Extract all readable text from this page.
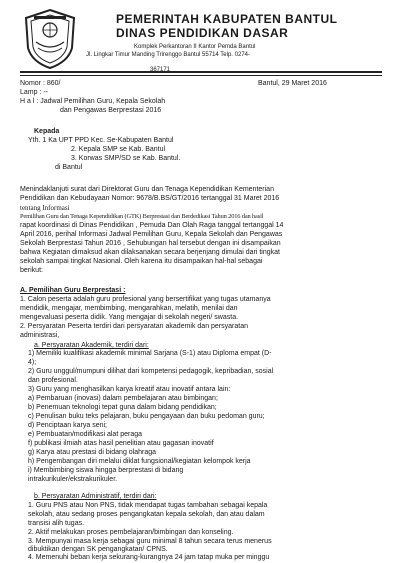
PEMERINTAH KABUPATEN BANTUL
DINAS PENDIDIKAN DASAR
Komplek Perkantoran II Kantor Pemda Bantul
Jl. Lingkar Timur Manding Trirenggo Bantul 55714 Telp. 0274-
367171
Nomor : 860/	Bantul, 29 Maret 2016
Lamp : --
H a l : Jadwal Pemilihan Guru, Kepala Sekolah
dan Pengawas Berprestasi 2016
Kepada
Yth. 1 Ka UPT PPD Kec. Se-Kabupaten Bantul
2. Kepala SMP se Kab. Bantul
3. Korwas SMP/SD se Kab. Bantul.
di Bantul
Menindaklanjuti surat dari Direktorat Guru dan Tenaga Kependidikan Kementerian
Pendidikan dan Kebudayaan Nomor: 9678/B.BS/GT/2016 tertanggal 31 Maret 2016
tentang Informasi
Pemilihan Guru dan Tenaga Kependidikan (GTK) Berprestasi dan Berdedikasi Tahun 2016 dan hasil
rapat koordinasi di Dinas Pendidikan , Pemuda Dan Olah Raga tanggal tertanggal 14
April 2016, perihal Informasi Jadwal Pemilihan Guru, Kepala Sekolah dan Pengawas
Sekolah Berprestasi Tahun 2016 , Sehubungan hal tersebut dengan ini disampaikan
bahwa Kegiatan dimaksud akan dilaksanakan secara berjenjang dimulai dari tingkat
sekolah sampai tingkat Nasional. Oleh karena itu disampaikan hal-hal sebagai
berikut:
A. Pemilihan Guru Berprestasi :
1. Calon peserta adalah guru profesional yang bersertifikat yang tugas utamanya
mendidik, mengajar, membimbing, mengarahkan, melatih, menilai dan
mengevaluasi peserta didik. Yang mengajar di sekolah negeri/ swasta.
2. Persyaratan Peserta terdiri dari persyaratan akademik dan persyaratan
administrasi,
a. Persyaratan Akademik, terdiri dari:
1) Memiliki kualifikasi akademik minimal Sarjana (S-1) atau Diploma empat (D-
4);
2) Guru unggul/mumpuni dilihat dari kompetensi pedagogik, kepribadian, sosial
dan profesional.
3) Guru yang menghasilkan karya kreatif atau inovatif antara lain:
a) Pembaruan (inovasi) dalam pembelajaran atau bimbingan;
b) Penemuan teknologi tepat guna dalam bidang pendidikan;
c) Penulisan buku teks pelajaran, buku pengayaan dan buku pedoman guru;
d) Penciptaan karya seni;
e) Pembuatan/modifikasi alat peraga
f) publikasi ilmiah atas hasil penelitian atau gagasan inovatif
g) Karya atau prestasi di bidang olahraga
h) Pengembangan diri melalui diklat fungsional/kegiatan kelompok kerja
i) Membimbing siswa hingga berprestasi di bidang
intrakurikuler/ekstrakurikuler.
b. Persyaratan Administratif, terdiri dari:
1. Guru PNS atau Non PNS, tidak mendapat tugas tambahan sebagai kepala
sekolah, atau sedang proses pengangkatan kepala sekolah, dan atau dalam
transisi alih tugas.
2. Aktif melakukan proses pembelajaran/bimbingan dan konseling.
3. Mempunyai masa kerja sebagai guru minimal 8 tahun secara terus menerus
dibuktikan dengan SK pengangkatan/ CPNS.
4. Memenuhi beban kerja sekurang-kurangnya 24 jam tatap muka per minggu
